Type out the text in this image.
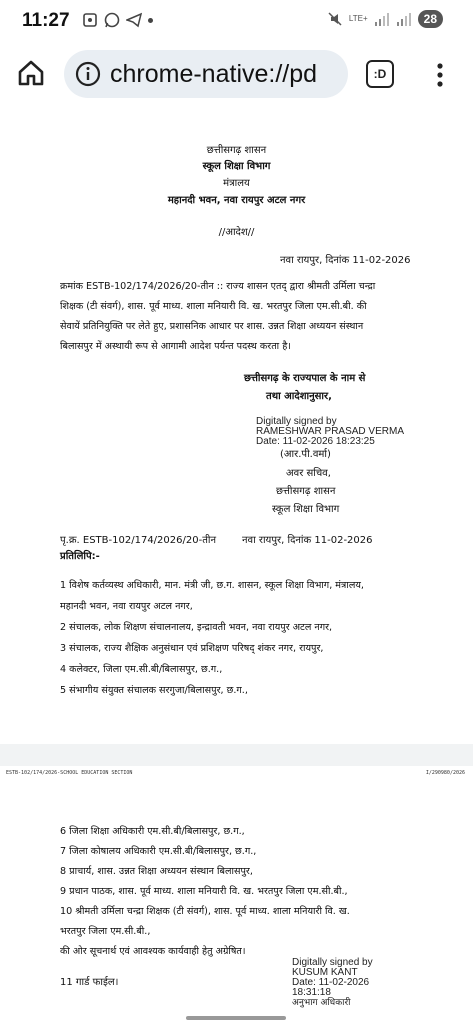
11:27	LTE+	28
chrome-native://pd	:D
छत्तीसगढ़ शासन
स्कूल शिक्षा विभाग
मंत्रालय
महानदी भवन, नवा रायपुर अटल नगर
//आदेश//
नवा रायपुर, दिनांक 11-02-2026
क्रमांक ESTB-102/174/2026/20-तीन :: राज्य शासन एतद् द्वारा श्रीमती उर्मिला चन्द्रा
शिक्षक (टी संवर्ग), शास. पूर्व माध्य. शाला मनियारी वि. ख. भरतपुर जिला एम.सी.बी. की
सेवायें प्रतिनियुक्ति पर लेते हुए, प्रशासनिक आधार पर शास. उन्नत शिक्षा अध्ययन संस्थान
बिलासपुर में अस्थायी रूप से आगामी आदेश पर्यन्त पदस्थ करता है।
छत्तीसगढ़ के राज्यपाल के नाम से
तथा आदेशानुसार,
Digitally signed by
RAMESHWAR PRASAD VERMA
Date: 11-02-2026 18:23:25
(आर.पी.वर्मा)
अवर सचिव,
छत्तीसगढ़ शासन
स्कूल शिक्षा विभाग
पृ.क्र. ESTB-102/174/2026/20-तीन	नवा रायपुर, दिनांक 11-02-2026
प्रतिलिपि:-
1 विशेष कर्तव्यस्थ अधिकारी, मान. मंत्री जी, छ.ग. शासन, स्कूल शिक्षा विभाग, मंत्रालय,
महानदी भवन, नवा रायपुर अटल नगर,
2 संचालक, लोक शिक्षण संचालनालय, इन्द्रावती भवन, नवा रायपुर अटल नगर,
3 संचालक, राज्य शैक्षिक अनुसंधान एवं प्रशिक्षण परिषद् शंकर नगर, रायपुर,
4 कलेक्टर, जिला एम.सी.बी/बिलासपुर, छ.ग.,
5 संभागीय संयुक्त संचालक सरगुजा/बिलासपुर, छ.ग.,
ESTB-102/174/2026-SCHOOL EDUCATION SECTION	I/290980/2026
6 जिला शिक्षा अधिकारी एम.सी.बी/बिलासपुर, छ.ग.,
7 जिला कोषालय अधिकारी एम.सी.बी/बिलासपुर, छ.ग.,
8 प्राचार्य, शास. उन्नत शिक्षा अध्ययन संस्थान बिलासपुर,
9 प्रधान पाठक, शास. पूर्व माध्य. शाला मनियारी वि. ख. भरतपुर जिला एम.सी.बी.,
10 श्रीमती उर्मिला चन्द्रा शिक्षक (टी संवर्ग), शास. पूर्व माध्य. शाला मनियारी वि. ख.
भरतपुर जिला एम.सी.बी.,
की ओर सूचनार्थ एवं आवश्यक कार्यवाही हेतु अग्रेषित।
11 गार्ड फाईल।
Digitally signed by
KUSUM KANT
Date: 11-02-2026
18:31:18
अनुभाग अधिकारी
